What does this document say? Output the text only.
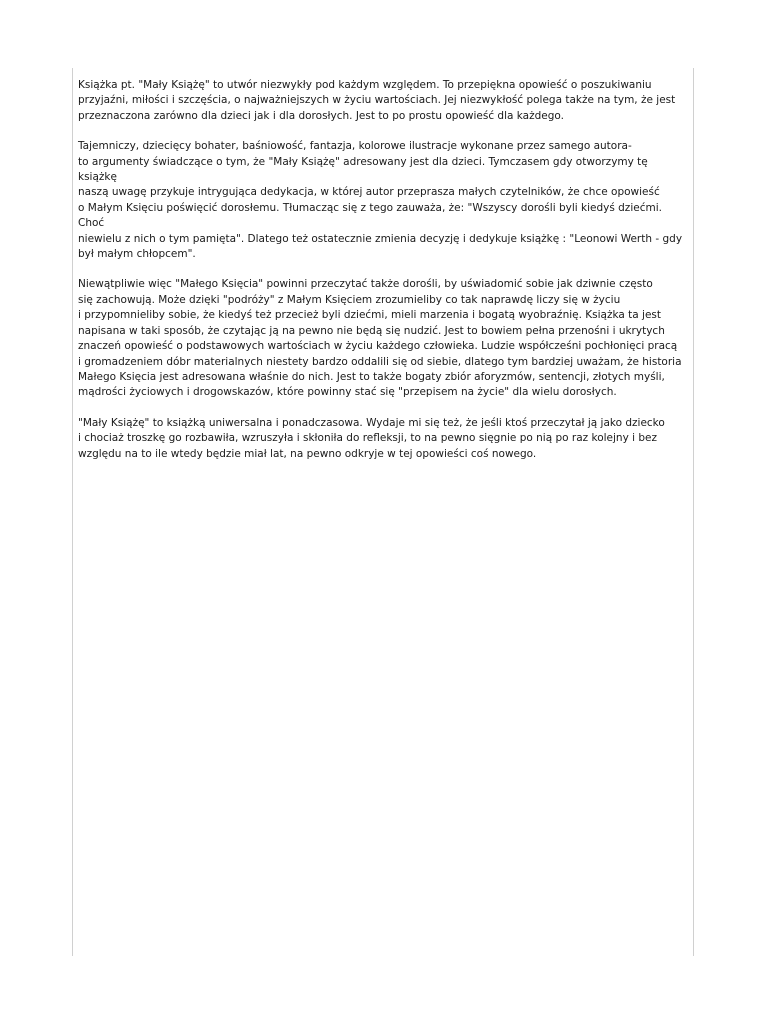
Książka pt. "Mały Książę" to utwór niezwykły pod każdym względem. To przepiękna opowieść o poszukiwaniu
przyjaźni, miłości i szczęścia, o najważniejszych w życiu wartościach. Jej niezwykłość polega także na tym, że jest
przeznaczona zarówno dla dzieci jak i dla dorosłych. Jest to po prostu opowieść dla każdego.

Tajemniczy, dziecięcy bohater, baśniowość, fantazja, kolorowe ilustracje wykonane przez samego autora-
to argumenty świadczące o tym, że "Mały Książę" adresowany jest dla dzieci. Tymczasem gdy otworzymy tę książkę
naszą uwagę przykuje intrygująca dedykacja, w której autor przeprasza małych czytelników, że chce opowieść
o Małym Księciu poświęcić dorosłemu. Tłumacząc się z tego zauważa, że: "Wszyscy dorośli byli kiedyś dziećmi. Choć
niewielu z nich o tym pamięta". Dlatego też ostatecznie zmienia decyzję i dedykuje książkę : "Leonowi Werth - gdy
był małym chłopcem".

Niewątpliwie więc "Małego Księcia" powinni przeczytać także dorośli, by uświadomić sobie jak dziwnie często
się zachowują. Może dzięki "podróży" z Małym Księciem zrozumieliby co tak naprawdę liczy się w życiu
i przypomnieliby sobie, że kiedyś też przecież byli dziećmi, mieli marzenia i bogatą wyobraźnię. Książka ta jest
napisana w taki sposób, że czytając ją na pewno nie będą się nudzić. Jest to bowiem pełna przenośni i ukrytych
znaczeń opowieść o podstawowych wartościach w życiu każdego człowieka. Ludzie współcześni pochłonięci pracą
i gromadzeniem dóbr materialnych niestety bardzo oddalili się od siebie, dlatego tym bardziej uważam, że historia
Małego Księcia jest adresowana właśnie do nich. Jest to także bogaty zbiór aforyzmów, sentencji, złotych myśli,
mądrości życiowych i drogowskazów, które powinny stać się "przepisem na życie" dla wielu dorosłych.

"Mały Książę" to książką uniwersalna i ponadczasowa. Wydaje mi się też, że jeśli ktoś przeczytał ją jako dziecko
i chociaż troszkę go rozbawiła, wzruszyła i skłoniła do refleksji, to na pewno sięgnie po nią po raz kolejny i bez
względu na to ile wtedy będzie miał lat, na pewno odkryje w tej opowieści coś nowego.
